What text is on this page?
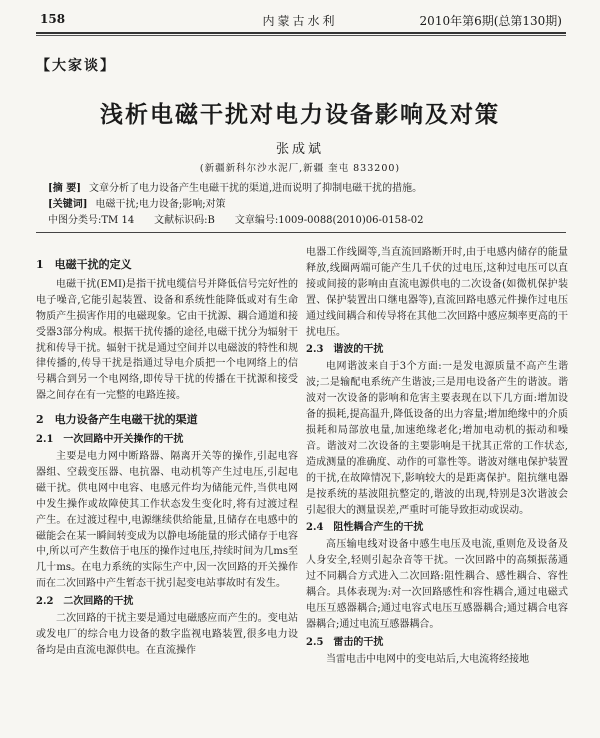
158	内蒙古水利	2010年第6期(总第130期)
【大家谈】
浅析电磁干扰对电力设备影响及对策
张成斌
(新疆新科尔沙水泥厂,新疆 奎屯 833200)
[摘 要] 文章分析了电力设备产生电磁干扰的渠道,进而说明了抑制电磁干扰的措施。
[关键词] 电磁干扰;电力设备;影响;对策
中图分类号:TM 14　　文献标识码:B　　文章编号:1009-0088(2010)06-0158-02

1　电磁干扰的定义

电磁干扰(EMI)是指干扰电缆信号并降低信号完好性的电子噪音,它能引起装置、设备和系统性能降低或对有生命物质产生损害作用的电磁现象。它由干扰源、耦合通道和接受器3部分构成。根据干扰传播的途径,电磁干扰分为辐射干扰和传导干扰。辐射干扰是通过空间并以电磁波的特性和规律传播的,传导干扰是指通过导电介质把一个电网络上的信号耦合到另一个电网络,即传导干扰的传播在干扰源和接受器之间存在有一完整的电路连接。

2　电力设备产生电磁干扰的渠道

2.1　一次回路中开关操作的干扰

主要是电力网中断路器、隔离开关等的操作,引起电容器组、空载变压器、电抗器、电动机等产生过电压,引起电磁干扰。供电网中电容、电感元件均为储能元件,当供电网中发生操作或故障使其工作状态发生变化时,将有过渡过程产生。在过渡过程中,电源继续供给能量,且储存在电感中的磁能会在某一瞬间转变成为以静电场能量的形式储存于电容中,所以可产生数倍于电压的操作过电压,持续时间为几ms至几十ms。在电力系统的实际生产中,因一次回路的开关操作而在二次回路中产生暂态干扰引起变电站事故时有发生。

2.2　二次回路的干扰

二次回路的干扰主要是通过电磁感应而产生的。变电站或发电厂的综合电力设备的数字监视电路装置,很多电力设备均是由直流电源供电。在直流操作

电器工作线圈等,当直流回路断开时,由于电感内储存的能量释放,线圈两端可能产生几千伏的过电压,这种过电压可以直接或间接的影响由直流电源供电的二次设备(如微机保护装置、保护装置出口继电器等),直流回路电感元件操作过电压通过线间耦合和传导将在其他二次回路中感应频率更高的干扰电压。

2.3　谐波的干扰

电网谐波来自于3个方面:一是发电源质量不高产生谐波;二是输配电系统产生谐波;三是用电设备产生的谐波。谐波对一次设备的影响和危害主要表现在以下几方面:增加设备的损耗,提高温升,降低设备的出力容量;增加绝缘中的介质损耗和局部放电量,加速绝缘老化;增加电动机的振动和噪音。谐波对二次设备的主要影响是干扰其正常的工作状态,造成测量的准确度、动作的可靠性等。谐波对继电保护装置的干扰,在故障情况下,影响较大的是距离保护。阻抗继电器是按系统的基波阻抗整定的,谐波的出现,特别是3次谐波会引起很大的测量误差,严重时可能导致拒动或误动。

2.4　阻性耦合产生的干扰

高压输电线对设备中感生电压及电流,重则危及设备及人身安全,轻则引起杂音等干扰。一次回路中的高频振荡通过不同耦合方式进入二次回路:阻性耦合、感性耦合、容性耦合。具体表现为:对一次回路感性和容性耦合,通过电磁式电压互感器耦合;通过电容式电压互感器耦合;通过耦合电容器耦合;通过电流互感器耦合。

2.5　雷击的干扰

当雷电击中电网中的变电站后,大电流将经接地
